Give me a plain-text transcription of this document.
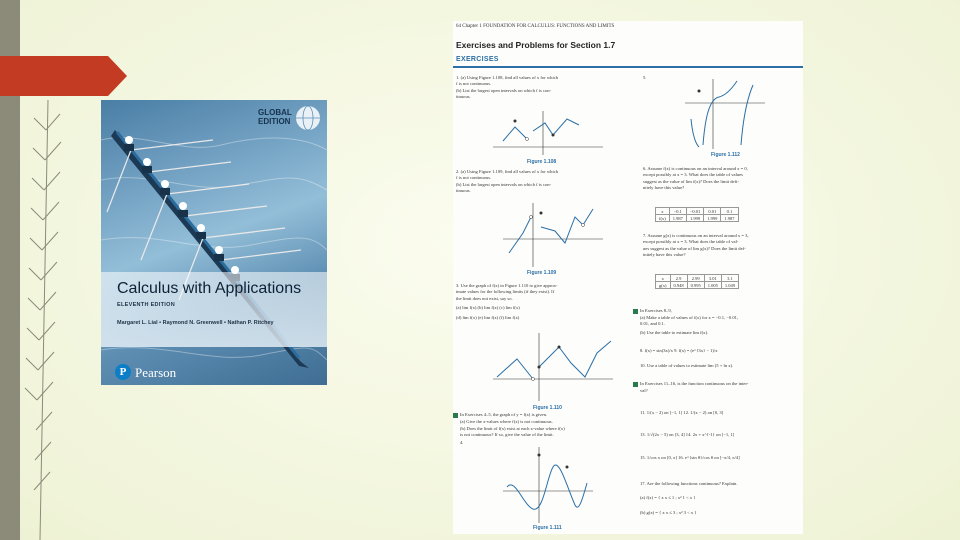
GLOBAL
EDITION
Calculus with Applications
ELEVENTH EDITION
Margaret L. Lial • Raymond N. Greenwell • Nathan P. Ritchey
P Pearson
64 Chapter 1 FOUNDATION FOR CALCULUS: FUNCTIONS AND LIMITS
Exercises and Problems for Section 1.7
EXERCISES
1. (a) Using Figure 1.108, find all values of x for which
f is not continuous.
(b) List the largest open intervals on which f is con-
tinuous.
Figure 1.108
2. (a) Using Figure 1.109, find all values of x for which
f is not continuous.
(b) List the largest open intervals on which f is con-
tinuous.
Figure 1.109
3. Use the graph of f(x) in Figure 1.110 to give approx-
imate values for the following limits (if they exist). If
the limit does not exist, say so.
(a) lim f(x) (b) lim f(x) (c) lim f(x)
(d) lim f(x) (e) lim f(x) (f) lim f(x)
Figure 1.110
In Exercises 4–5, the graph of y = f(x) is given.
(a) Give the x-values where f(x) is not continuous.
(b) Does the limit of f(x) exist at each x-value where f(x)
is not continuous? If so, give the value of the limit.
4.
Figure 1.111
5.
Figure 1.112
6. Assume f(x) is continuous on an interval around x = 0,
except possibly at x = 3. What does the table of values
suggest as the value of lim f(x)? Does the limit defi-
nitely have this value?
x	−0.1	−0.01	0.01	0.1
f(x)	1.987	1.999	1.999	1.987
7. Assume g(x) is continuous on an interval around x = 3,
except possibly at x = 3. What does the table of val-
ues suggest as the value of lim g(x)? Does the limit def-
initely have this value?
x	2.9	2.99	3.01	3.1
g(x)	0.948	0.995	1.005	1.049
In Exercises 8–9,
(a) Make a table of values of f(x) for x = −0.1, −0.01,
0.01, and 0.1.
(b) Use the table to estimate lim f(x).
8. f(x) = sin(3x)/x 9. f(x) = (e^{3x} − 1)/x
10. Use a table of values to estimate lim (5 + ln x).
In Exercises 11–16, is the function continuous on the inter-
val?
11. 1/(x − 2) on [−1, 1] 12. 1/(x − 2) on [0, 3]
13. 1/√(2x − 5) on [3, 4] 14. 2x + x^{-1} on [−1, 1]
15. 1/cos x on [0, π] 16. e^{sin θ}/cos θ on [−π/4, π/4]
17. Are the following functions continuous? Explain.
(a) f(x) = { x x ≤ 1 ; x² 1 < x }
(b) g(x) = { x x ≤ 3 ; x² 3 < x }
